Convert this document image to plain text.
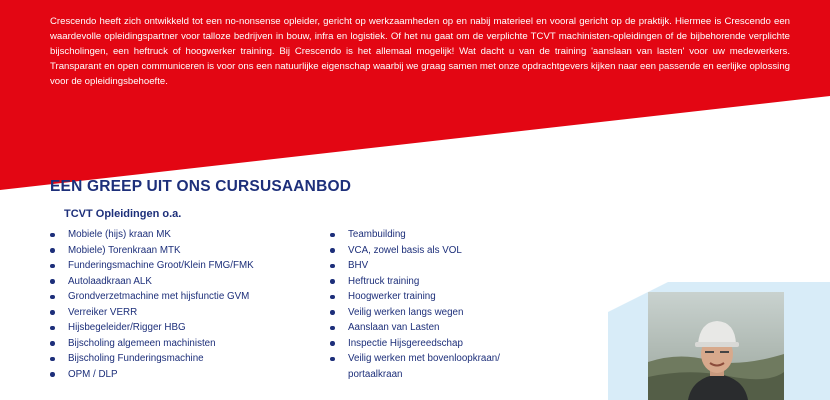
Crescendo heeft zich ontwikkeld tot een no-nonsense opleider, gericht op werkzaamheden op en nabij materieel en vooral gericht op de praktijk. Hiermee is Crescendo een waardevolle opleidingspartner voor talloze bedrijven in bouw, infra en logistiek. Of het nu gaat om de verplichte TCVT machinisten-opleidingen of de bijbehorende verplichte bijscholingen, een heftruck of hoogwerker training. Bij Crescendo is het allemaal mogelijk! Wat dacht u van de training 'aanslaan van lasten' voor uw medewerkers. Transparant en open communiceren is voor ons een natuurlijke eigenschap waarbij we graag samen met onze opdrachtgevers kijken naar een passende en eerlijke oplossing voor de opleidingsbehoefte.

EEN GREEP UIT ONS CURSUSAANBOD
TCVT Opleidingen o.a.
Mobiele (hijs) kraan MK
Mobiele) Torenkraan MTK
Funderingsmachine Groot/Klein FMG/FMK
Autolaadkraan ALK
Grondverzetmachine met hijsfunctie GVM
Verreiker VERR
Hijsbegeleider/Rigger HBG
Bijscholing algemeen machinisten
Bijscholing Funderingsmachine
OPM / DLP
Teambuilding
VCA, zowel basis als VOL
BHV
Heftruck training
Hoogwerker training
Veilig werken langs wegen
Aanslaan van Lasten
Inspectie Hijsgereedschap
Veilig werken met bovenloopkraan/ portaalkraan
